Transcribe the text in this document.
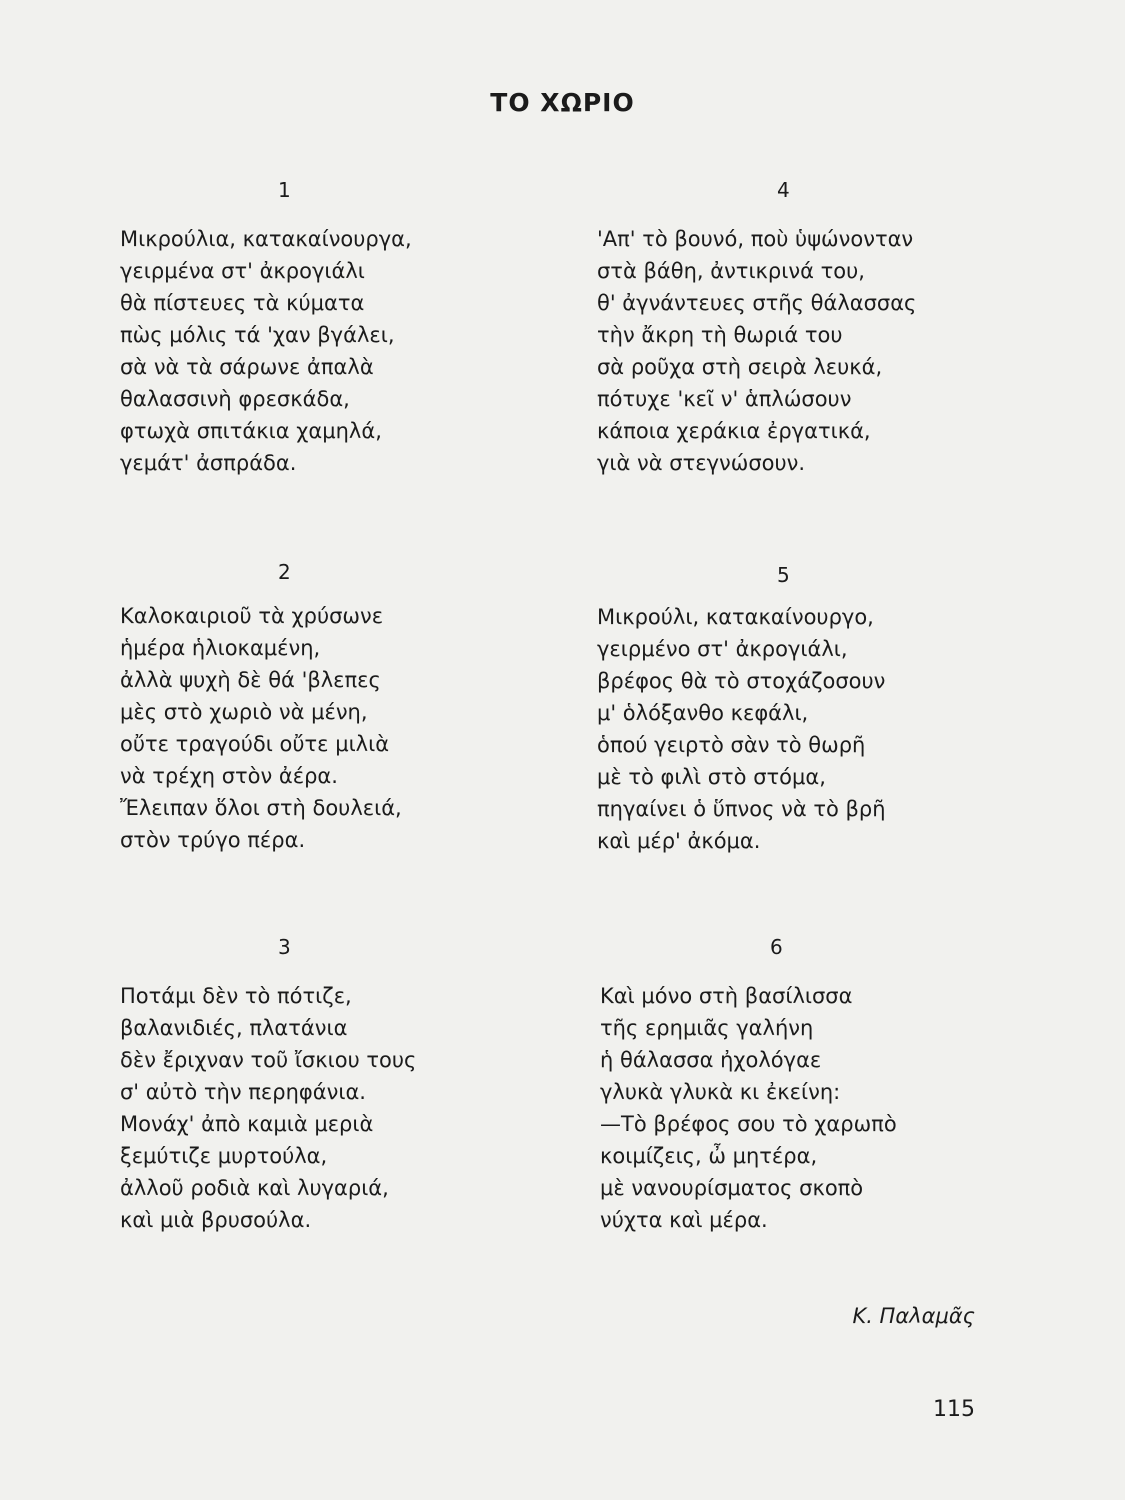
ΤΟ ΧΩΡΙΟ
1
Μικρούλια, κατακαίνουργα,
γειρμένα στ' ἀκρογιάλι
θὰ πίστευες τὰ κύματα
πὼς μόλις τά 'χαν βγάλει,
σὰ νὰ τὰ σάρωνε ἀπαλὰ
θαλασσινὴ φρεσκάδα,
φτωχὰ σπιτάκια χαμηλά,
γεμάτ' ἀσπράδα.
4
'Απ' τὸ βουνό, ποὺ ὑψώνονταν
στὰ βάθη, ἀντικρινά του,
θ' ἀγνάντευες στῆς θάλασσας
τὴν ἄκρη τὴ θωριά του
σὰ ροῦχα στὴ σειρὰ λευκά,
πότυχε 'κεῖ ν' ἁπλώσουν
κάποια χεράκια ἐργατικά,
γιὰ νὰ στεγνώσουν.
2
Καλοκαιριοῦ τὰ χρύσωνε
ἡμέρα ἡλιοκαμένη,
ἀλλὰ ψυχὴ δὲ θά 'βλεπες
μὲς στὸ χωριὸ νὰ μένη,
οὔτε τραγούδι οὔτε μιλιὰ
νὰ τρέχη στὸν ἀέρα.
Ἔλειπαν ὅλοι στὴ δουλειά,
στὸν τρύγο πέρα.
5
Μικρούλι, κατακαίνουργο,
γειρμένο στ' ἀκρογιάλι,
βρέφος θὰ τὸ στοχάζοσουν
μ' ὁλόξανθο κεφάλι,
ὁπού γειρτὸ σὰν τὸ θωρῆ
μὲ τὸ φιλὶ στὸ στόμα,
πηγαίνει ὁ ὕπνος νὰ τὸ βρῆ
καὶ μέρ' ἀκόμα.
3
Ποτάμι δὲν τὸ πότιζε,
βαλανιδιές, πλατάνια
δὲν ἔριχναν τοῦ ἴσκιου τους
σ' αὐτὸ τὴν περηφάνια.
Μονάχ' ἀπὸ καμιὰ μεριὰ
ξεμύτιζε μυρτούλα,
ἀλλοῦ ροδιὰ καὶ λυγαριά,
καὶ μιὰ βρυσούλα.
6
Καὶ μόνο στὴ βασίλισσα
τῆς ερημιᾶς γαλήνη
ἡ θάλασσα ἠχολόγαε
γλυκὰ γλυκὰ κι ἐκείνη:
—Τὸ βρέφος σου τὸ χαρωπὸ
κοιμίζεις, ὦ μητέρα,
μὲ νανουρίσματος σκοπὸ
νύχτα καὶ μέρα.
Κ. Παλαμᾶς
115
